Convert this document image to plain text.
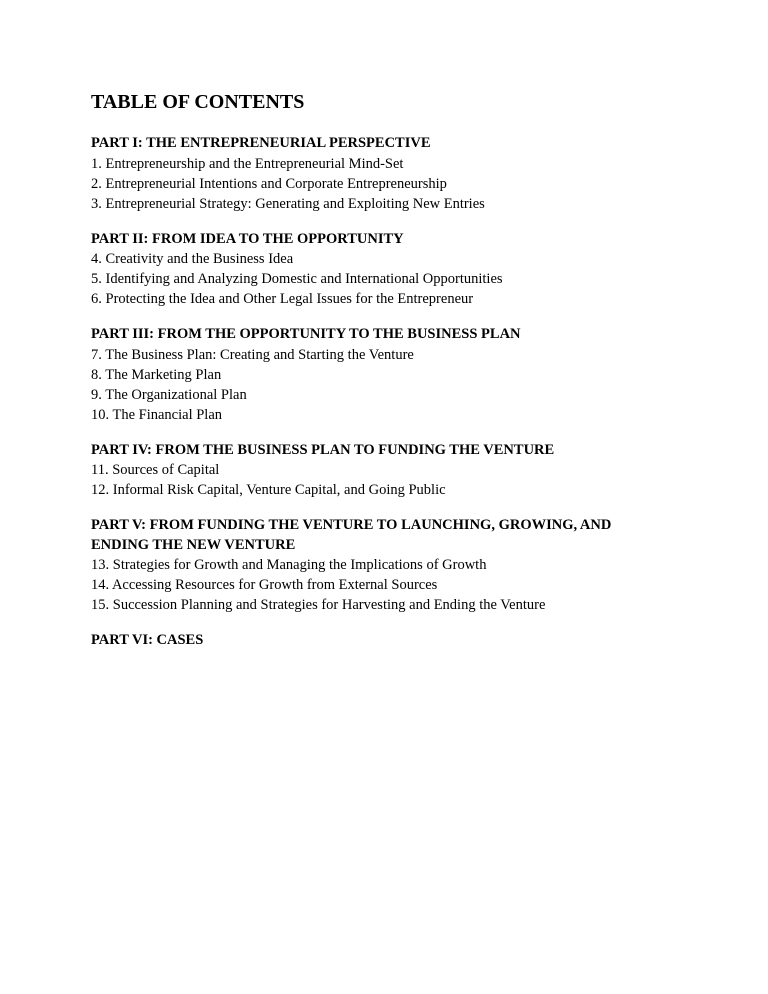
TABLE OF CONTENTS

PART I: THE ENTREPRENEURIAL PERSPECTIVE

1. Entrepreneurship and the Entrepreneurial Mind-Set

2. Entrepreneurial Intentions and Corporate Entrepreneurship

3. Entrepreneurial Strategy: Generating and Exploiting New Entries

PART II: FROM IDEA TO THE OPPORTUNITY

4. Creativity and the Business Idea

5. Identifying and Analyzing Domestic and International Opportunities

6. Protecting the Idea and Other Legal Issues for the Entrepreneur

PART III: FROM THE OPPORTUNITY TO THE BUSINESS PLAN

7. The Business Plan: Creating and Starting the Venture

8. The Marketing Plan

9. The Organizational Plan

10. The Financial Plan

PART IV: FROM THE BUSINESS PLAN TO FUNDING THE VENTURE

11. Sources of Capital

12. Informal Risk Capital, Venture Capital, and Going Public

PART V: FROM FUNDING THE VENTURE TO LAUNCHING, GROWING, AND
ENDING THE NEW VENTURE

13. Strategies for Growth and Managing the Implications of Growth

14. Accessing Resources for Growth from External Sources

15. Succession Planning and Strategies for Harvesting and Ending the Venture

PART VI: CASES
